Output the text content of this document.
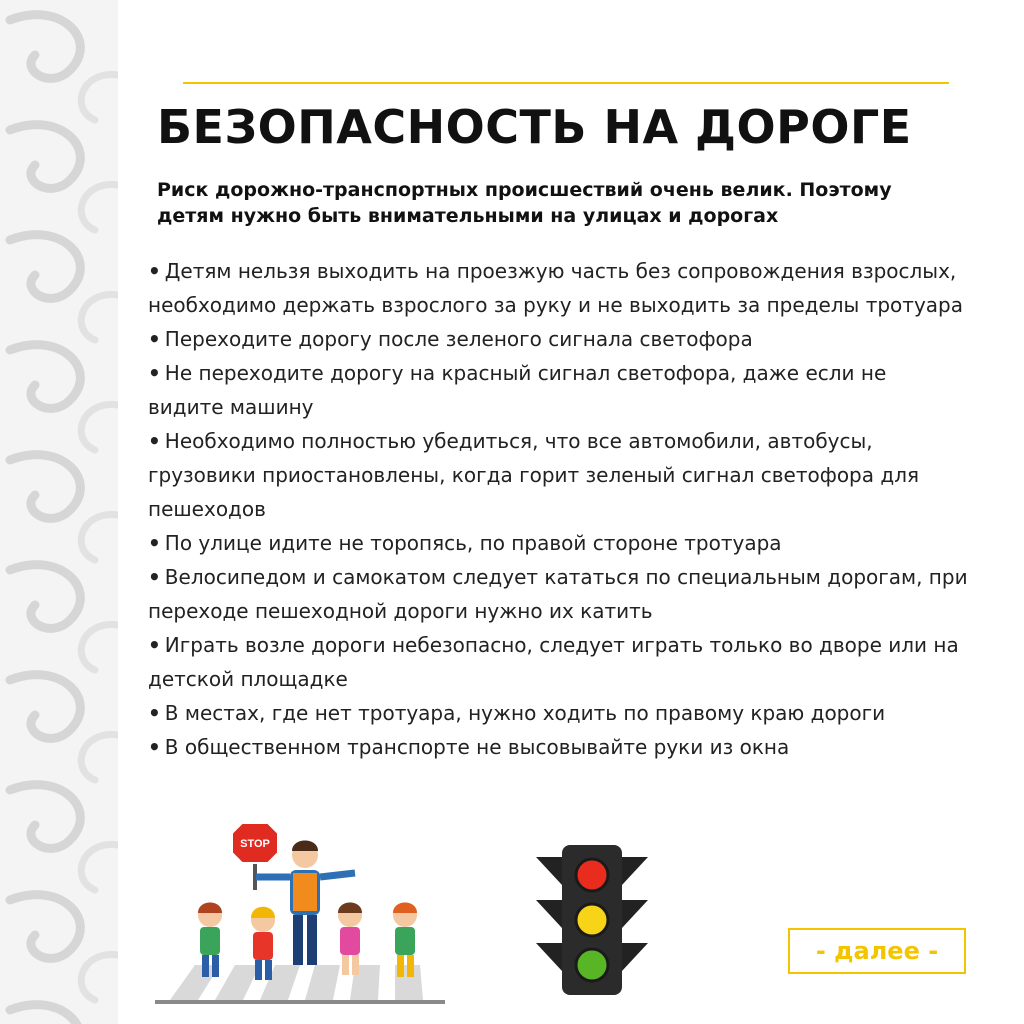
БЕЗОПАСНОСТЬ НА ДОРОГЕ

Риск дорожно-транспортных происшествий очень велик. Поэтому детям нужно быть внимательными на улицах и дорогах

• Детям нельзя выходить на проезжую часть без сопровождения взрослых, необходимо держать взрослого за руку и не выходить за пределы тротуара
• Переходите дорогу после зеленого сигнала светофора
• Не переходите дорогу на красный сигнал светофора, даже если не видите машину
• Необходимо полностью убедиться, что все автомобили, автобусы, грузовики приостановлены, когда горит зеленый сигнал светофора для пешеходов
• По улице идите не торопясь, по правой стороне тротуара
• Велосипедом и самокатом следует кататься по специальным дорогам, при переходе пешеходной дороги нужно их катить
• Играть возле дороги небезопасно, следует играть только во дворе или на детской площадке
• В местах, где нет тротуара, нужно ходить по правому краю дороги
• В общественном транспорте не высовывайте руки из окна
STOP
- далее -
